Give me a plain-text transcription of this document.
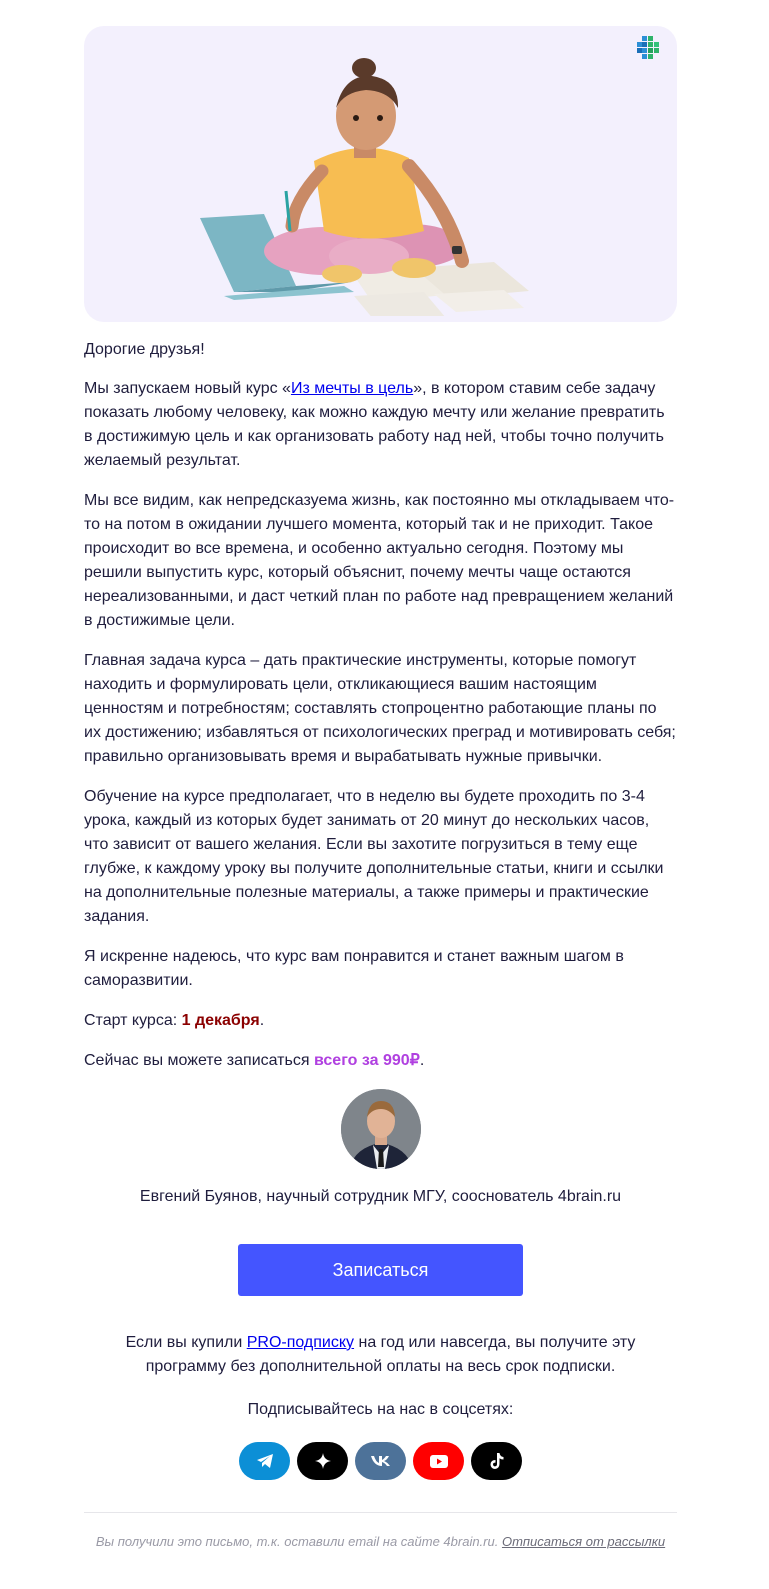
Дорогие друзья!

Мы запускаем новый курс «Из мечты в цель», в котором ставим себе задачу показать любому человеку, как можно каждую мечту или желание превратить в достижимую цель и как организовать работу над ней, чтобы точно получить желаемый результат.

Мы все видим, как непредсказуема жизнь, как постоянно мы откладываем что-то на потом в ожидании лучшего момента, который так и не приходит. Такое происходит во все времена, и особенно актуально сегодня. Поэтому мы решили выпустить курс, который объяснит, почему мечты чаще остаются нереализованными, и даст четкий план по работе над превращением желаний в достижимые цели.

Главная задача курса – дать практические инструменты, которые помогут находить и формулировать цели, откликающиеся вашим настоящим ценностям и потребностям; составлять стопроцентно работающие планы по их достижению; избавляться от психологических преград и мотивировать себя; правильно организовывать время и вырабатывать нужные привычки.

Обучение на курсе предполагает, что в неделю вы будете проходить по 3-4 урока, каждый из которых будет занимать от 20 минут до нескольких часов, что зависит от вашего желания. Если вы захотите погрузиться в тему еще глубже, к каждому уроку вы получите дополнительные статьи, книги и ссылки на дополнительные полезные материалы, а также примеры и практические задания.

Я искренне надеюсь, что курс вам понравится и станет важным шагом в саморазвитии.

Старт курса: 1 декабря.

Сейчас вы можете записаться всего за 990₽.

Евгений Буянов, научный сотрудник МГУ, сооснователь 4brain.ru

Записаться

Если вы купили PRO-подписку на год или навсегда, вы получите эту программу без дополнительной оплаты на весь срок подписки.

Подписывайтесь на нас в соцсетях:

Вы получили это письмо, т.к. оставили email на сайте 4brain.ru. Отписаться от рассылки
